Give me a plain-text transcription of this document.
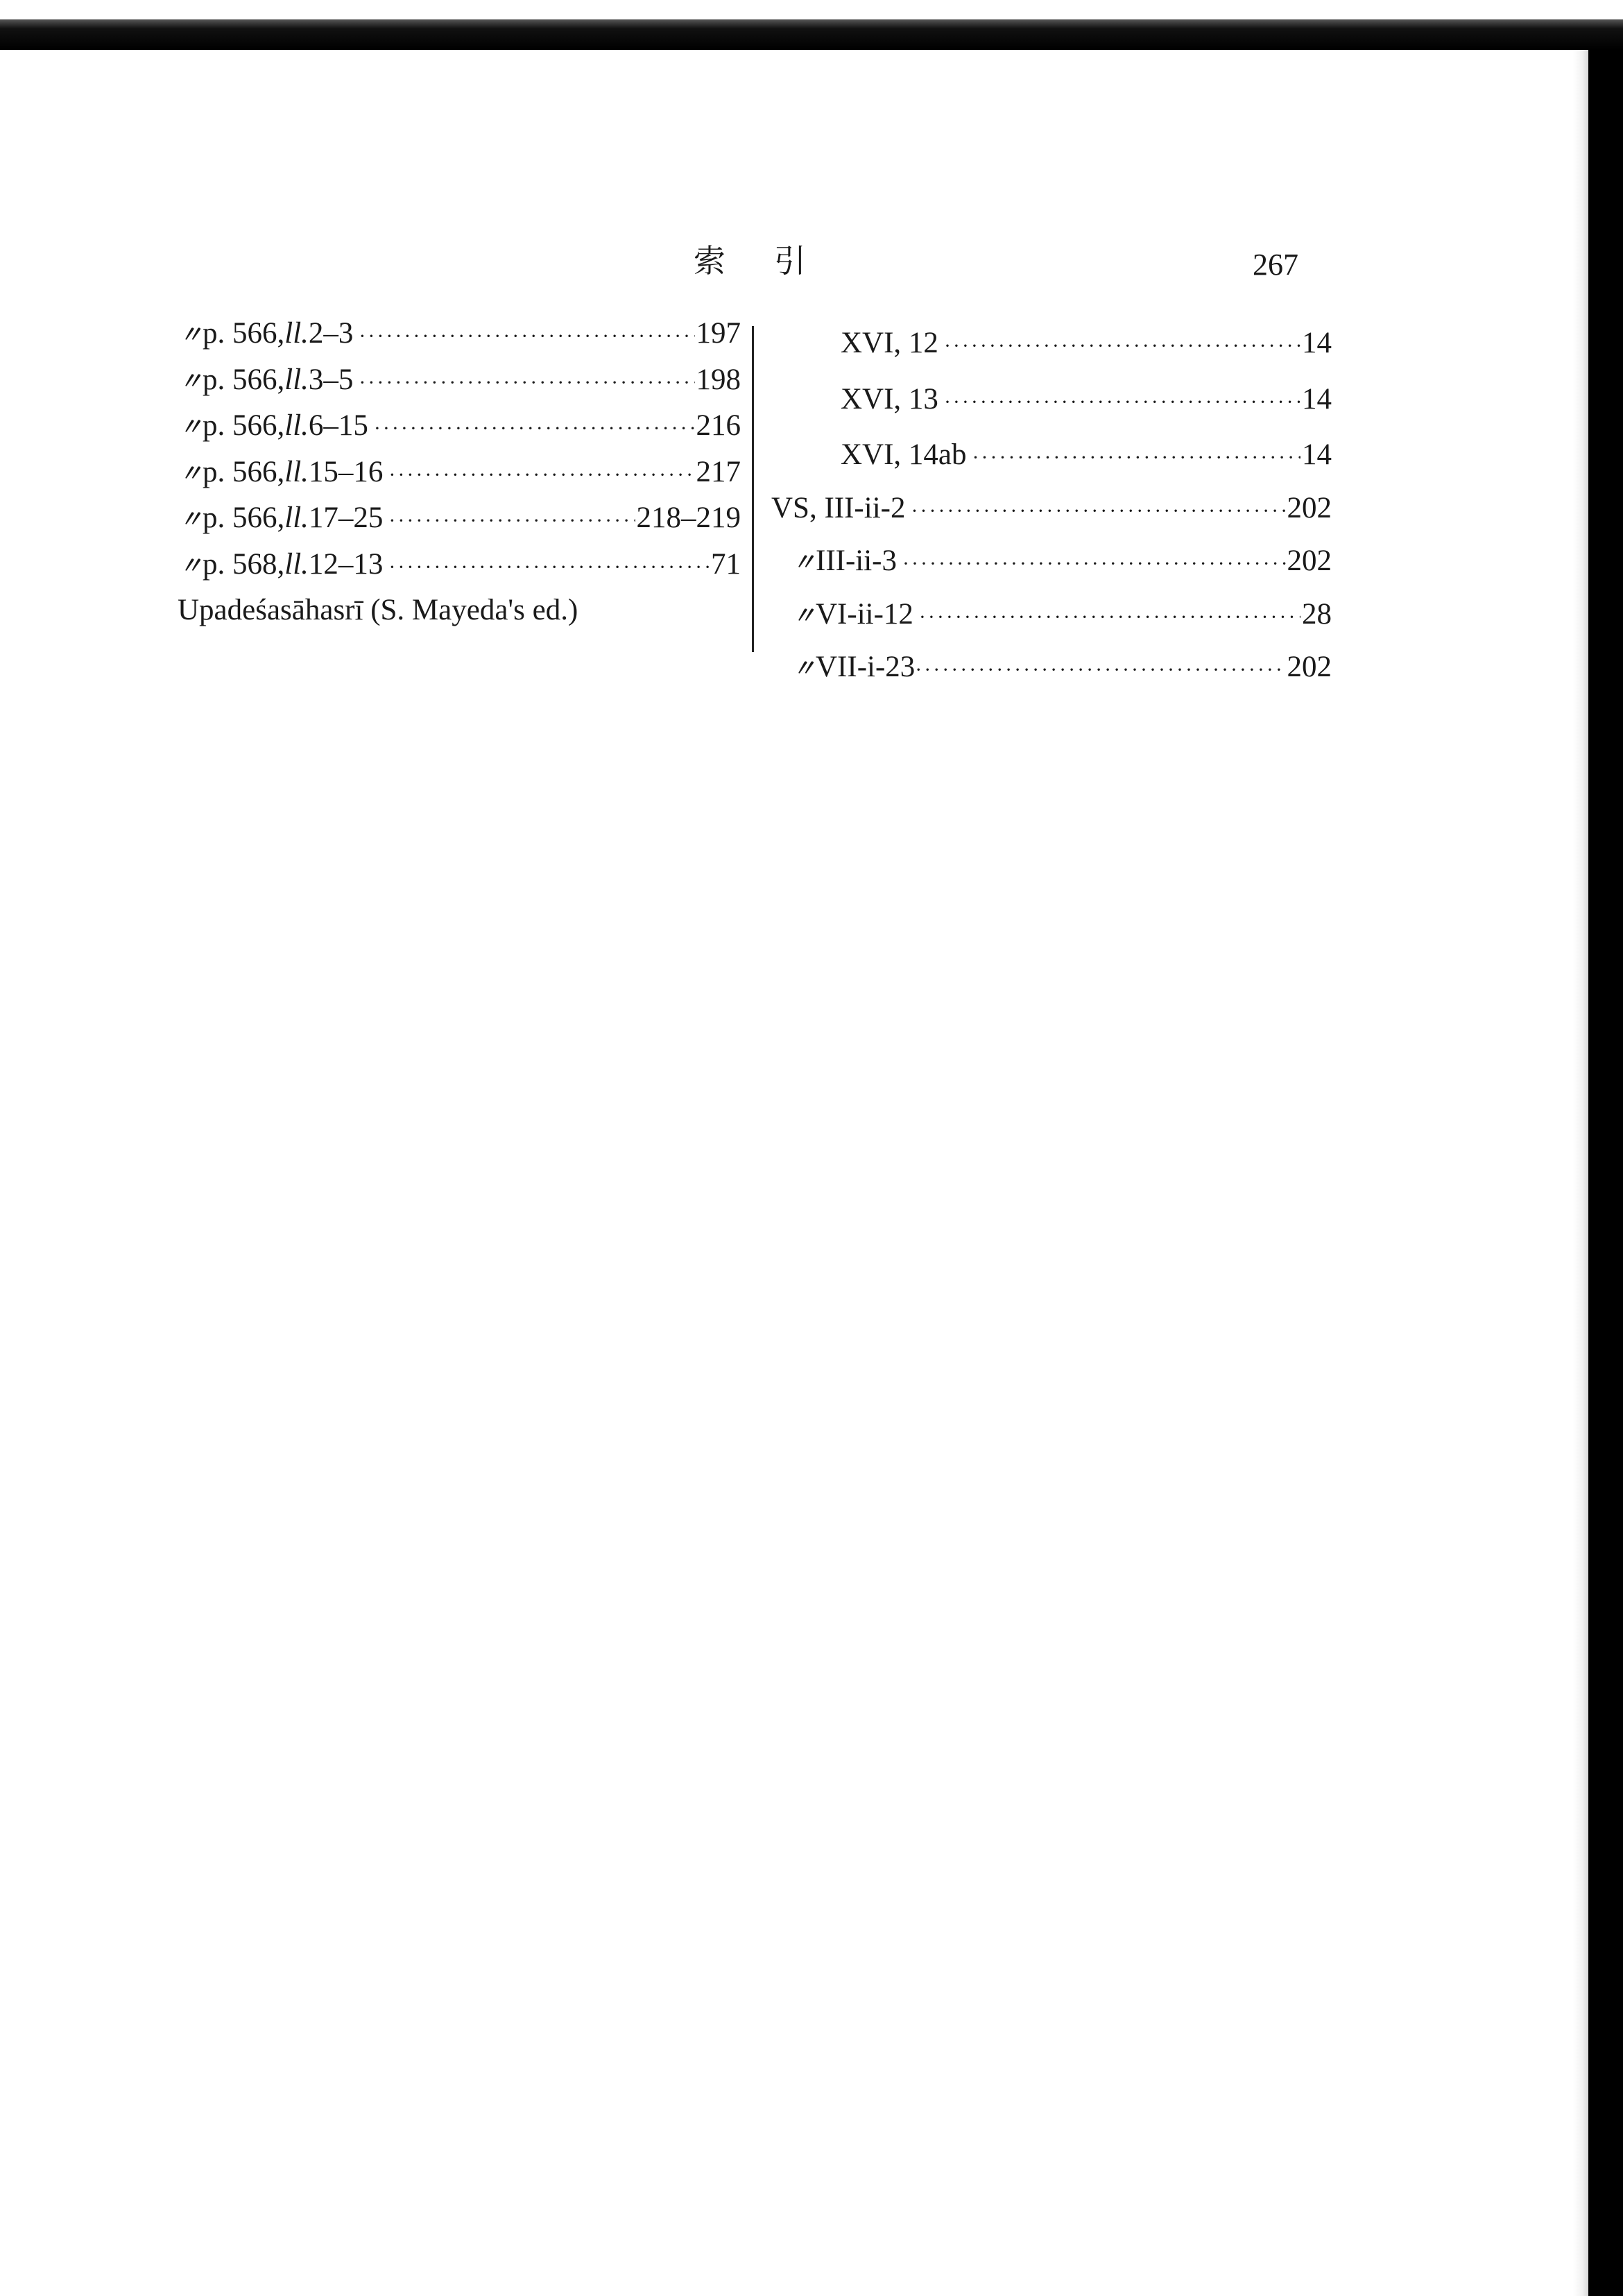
索引	267
〃 p. 566, ll. 2–3 ·····	197
〃 p. 566, ll. 3–5 ·····	198
〃 p. 566, ll. 6–15 ·····	216
〃 p. 566, ll. 15–16 ·····	217
〃 p. 566, ll. 17–25 ·····	218–219
〃 p. 568, ll. 12–13 ·····	71
Upadeśasāhasrī (S. Mayeda's ed.)
XVI, 12 ·····	14
XVI, 13 ·····	14
XVI, 14ab ·····	14
VS, III-ii-2 ·····	202
〃 III-ii-3 ·····	202
〃 VI-ii-12 ·····	28
〃 VII-i-23 ·····	202
